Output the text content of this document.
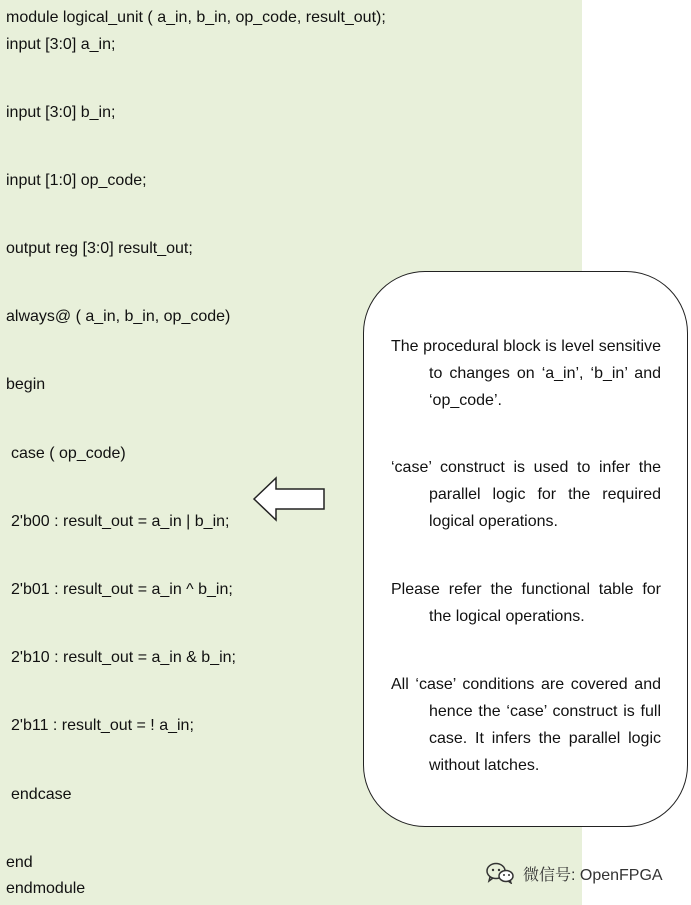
module logical_unit ( a_in, b_in, op_code, result_out);
input [3:0] a_in;
input [3:0] b_in;
input [1:0] op_code;
output reg [3:0] result_out;
always@ ( a_in, b_in, op_code)
begin
case ( op_code)
2'b00 : result_out = a_in | b_in;
2'b01 : result_out = a_in ^ b_in;
2'b10 : result_out = a_in & b_in;
2'b11 : result_out = ! a_in;
endcase
end
endmodule
The procedural block is level sensitive to changes on ‘a_in’, ‘b_in’ and ‘op_code’.
‘case’ construct is used to infer the parallel logic for the required logical operations.
Please refer the functional table for the logical operations.
All ‘case’ conditions are covered and hence the ‘case’ construct is full case. It infers the parallel logic without latches.
微信号: OpenFPGA
